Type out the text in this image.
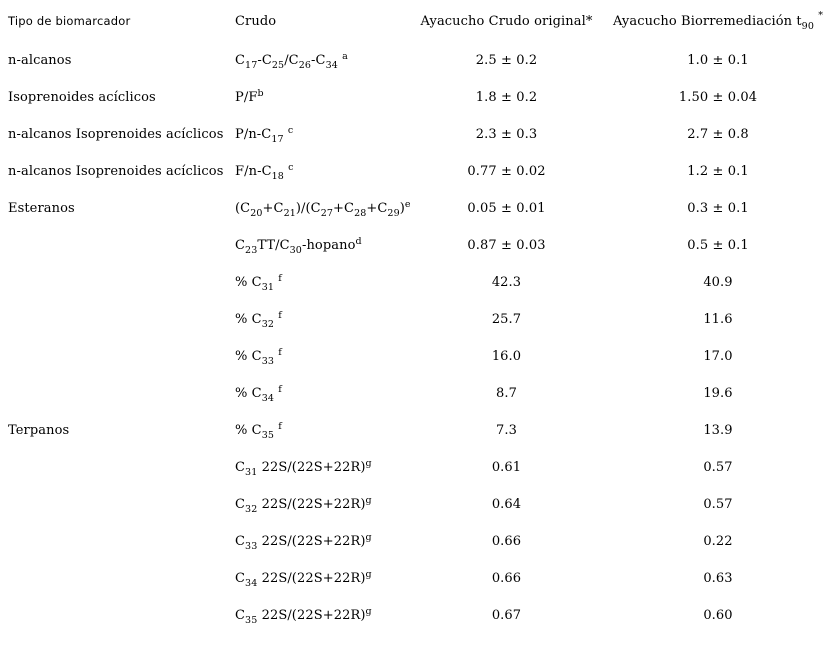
Tipo de biomarcador	Crudo	Ayacucho Crudo original*	Ayacucho Biorremediación $t_{90}$ *
n-alcanos	$C_{17}-C_{25}/C_{26}-C_{34}$ $^a$	2.5 ± 0.2	1.0 ± 0.1
Isoprenoides acíclicos	$P/F^b$	1.8 ± 0.2	1.50 ± 0.04
n-alcanos Isoprenoides acíclicos	$P/n-C_{17}$ $^c$	2.3 ± 0.3	2.7 ± 0.8
n-alcanos Isoprenoides acíclicos	$F/n-C_{18}$ $^c$	0.77 ± 0.02	1.2 ± 0.1
Esteranos	$(C_{20}+C_{21})/(C_{27}+C_{28}+C_{29})^e$	0.05 ± 0.01	0.3 ± 0.1
	$C_{23}TT/C_{30}-hopano^d$	0.87 ± 0.03	0.5 ± 0.1
	% $C_{31}$ $^f$	42.3	40.9
	% $C_{32}$ $^f$	25.7	11.6
	% $C_{33}$ $^f$	16.0	17.0
	% $C_{34}$ $^f$	8.7	19.6
Terpanos	% $C_{35}$ $^f$	7.3	13.9
	$C_{31}$ $22S/(22S+22R)^g$	0.61	0.57
	$C_{32}$ $22S/(22S+22R)^g$	0.64	0.57
	$C_{33}$ $22S/(22S+22R)^g$	0.66	0.22
	$C_{34}$ $22S/(22S+22R)^g$	0.66	0.63
	$C_{35}$ $22S/(22S+22R)^g$	0.67	0.60
